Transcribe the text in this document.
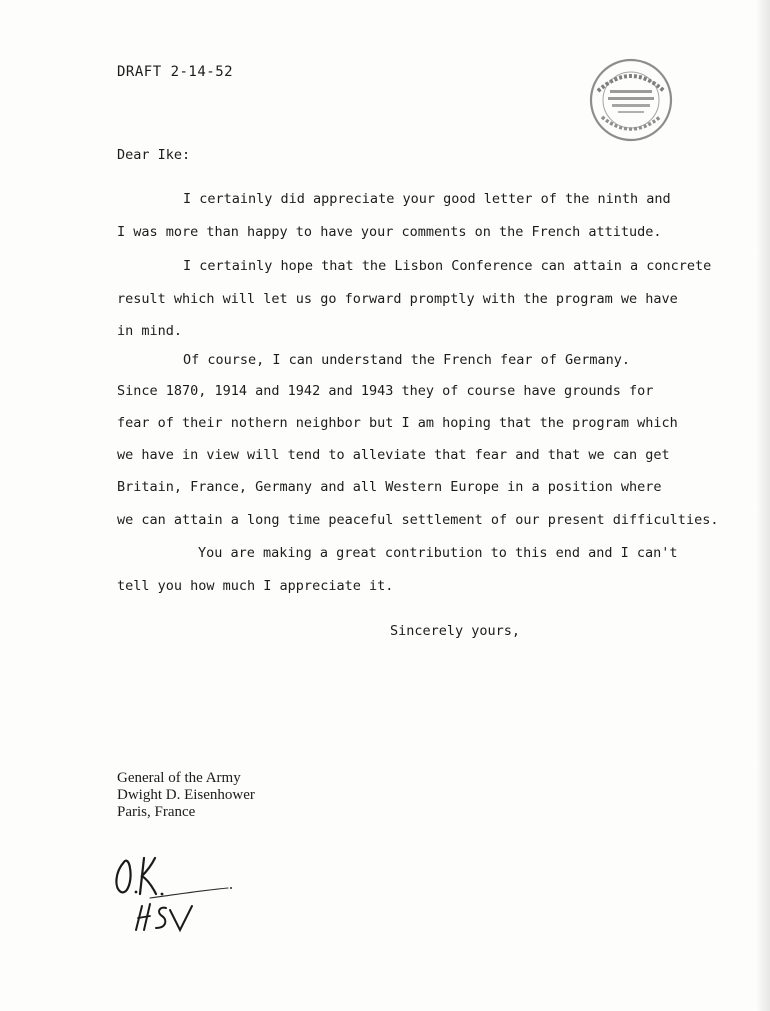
DRAFT 2-14-52
Dear Ike:
I certainly did appreciate your good letter of the ninth and
I was more than happy to have your comments on the French attitude.
I certainly hope that the Lisbon Conference can attain a concrete
result which will let us go forward promptly with the program we have
in mind.
Of course, I can understand the French fear of Germany.
Since 1870, 1914 and 1942 and 1943 they of course have grounds for
fear of their nothern neighbor but I am hoping that the program which
we have in view will tend to alleviate that fear and that we can get
Britain, France, Germany and all Western Europe in a position where
we can attain a long time peaceful settlement of our present difficulties.
You are making a great contribution to this end and I can't
tell you how much I appreciate it.
Sincerely yours,
General of the Army
Dwight D. Eisenhower
Paris, France
